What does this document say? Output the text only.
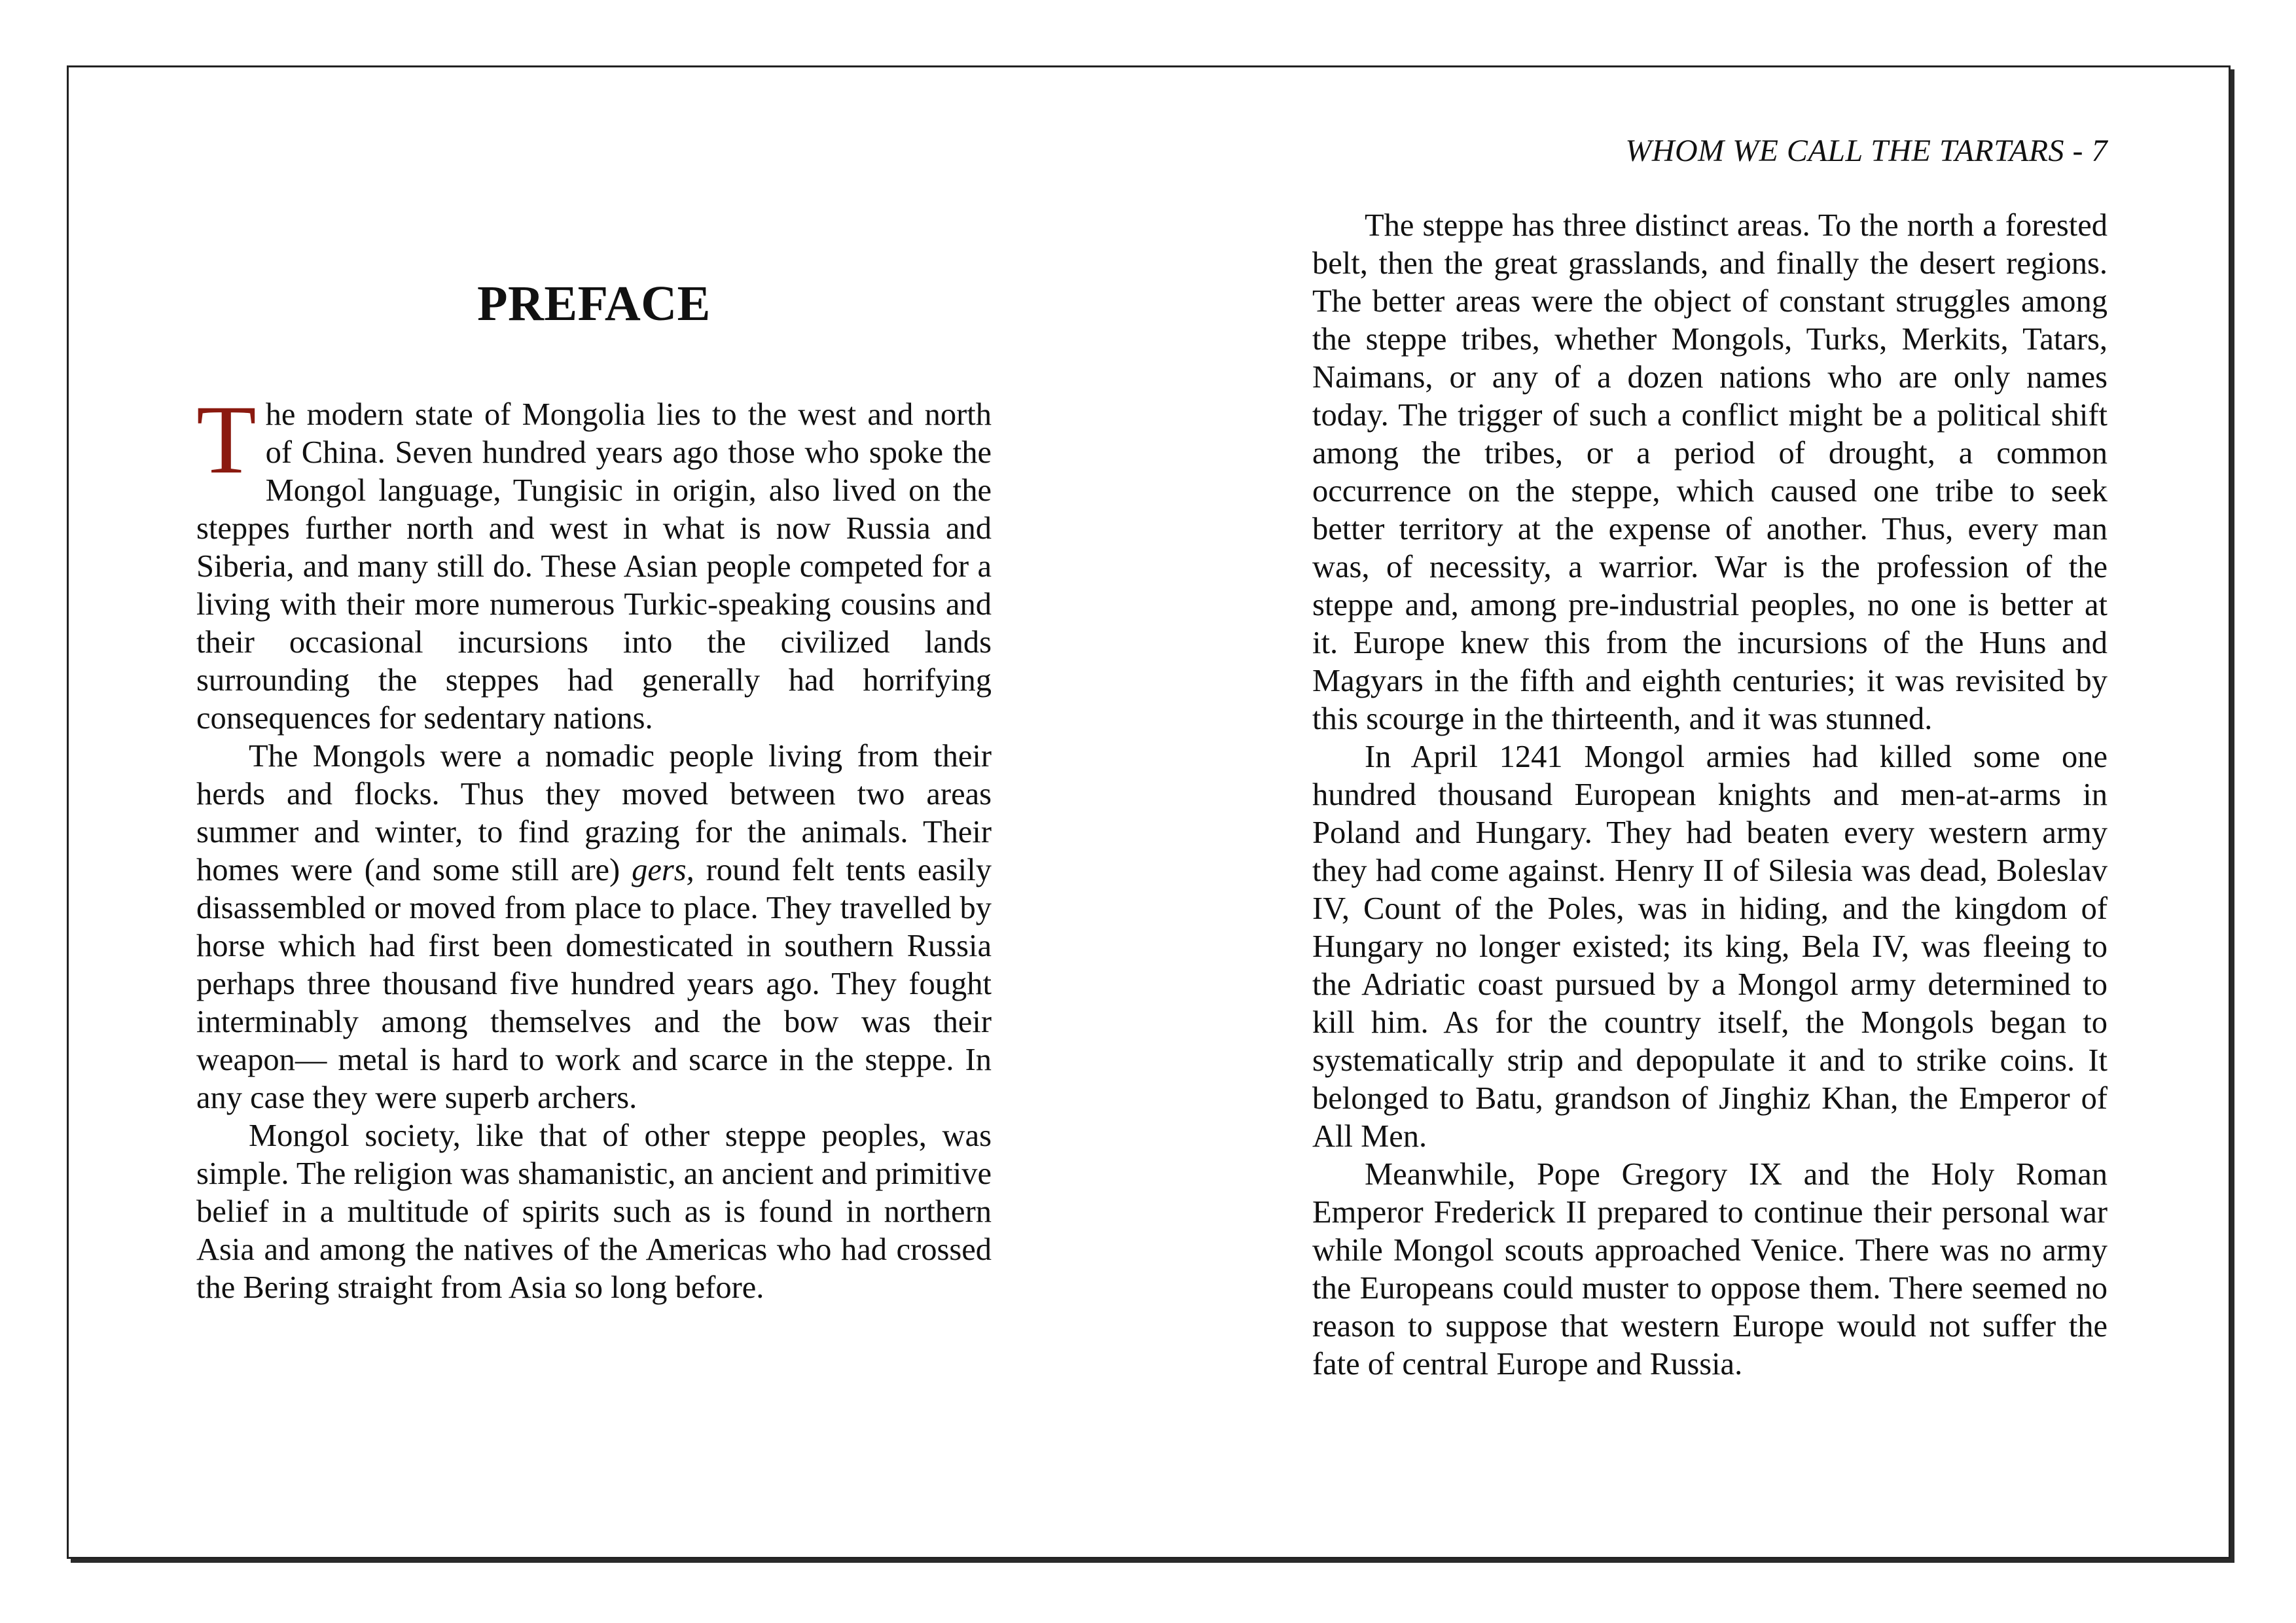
PREFACE

The modern state of Mongolia lies to the west and north of China. Seven hundred years ago those who spoke the Mongol language, Tungisic in origin, also lived on the steppes further north and west in what is now Russia and Siberia, and many still do. These Asian people competed for a living with their more numerous Turkic-speaking cousins and their occasional incursions into the civilized lands surrounding the steppes had generally had horrifying consequences for sedentary nations.

The Mongols were a nomadic people living from their herds and flocks. Thus they moved between two areas summer and winter, to find grazing for the animals. Their homes were (and some still are) gers, round felt tents easily disassembled or moved from place to place. They travelled by horse which had first been domesticated in southern Russia perhaps three thousand five hundred years ago. They fought interminably among themselves and the bow was their weapon— metal is hard to work and scarce in the steppe. In any case they were superb archers.

Mongol society, like that of other steppe peoples, was simple. The religion was shamanistic, an ancient and primitive belief in a multitude of spirits such as is found in northern Asia and among the natives of the Americas who had crossed the Bering straight from Asia so long before.

WHOM WE CALL THE TARTARS - 7

The steppe has three distinct areas. To the north a forested belt, then the great grasslands, and finally the desert regions. The better areas were the object of constant struggles among the steppe tribes, whether Mongols, Turks, Merkits, Tatars, Naimans, or any of a dozen nations who are only names today. The trigger of such a conflict might be a political shift among the tribes, or a period of drought, a common occurrence on the steppe, which caused one tribe to seek better territory at the expense of another. Thus, every man was, of necessity, a warrior. War is the profession of the steppe and, among pre-industrial peoples, no one is better at it. Europe knew this from the incursions of the Huns and Magyars in the fifth and eighth centuries; it was revisited by this scourge in the thirteenth, and it was stunned.

In April 1241 Mongol armies had killed some one hundred thousand European knights and men-at-arms in Poland and Hungary. They had beaten every western army they had come against. Henry II of Silesia was dead, Boleslav IV, Count of the Poles, was in hiding, and the kingdom of Hungary no longer existed; its king, Bela IV, was fleeing to the Adriatic coast pursued by a Mongol army determined to kill him. As for the country itself, the Mongols began to systematically strip and depopulate it and to strike coins. It belonged to Batu, grandson of Jinghiz Khan, the Emperor of All Men.

Meanwhile, Pope Gregory IX and the Holy Roman Emperor Frederick II prepared to continue their personal war while Mongol scouts approached Venice. There was no army the Europeans could muster to oppose them. There seemed no reason to suppose that western Europe would not suffer the fate of central Europe and Russia.
